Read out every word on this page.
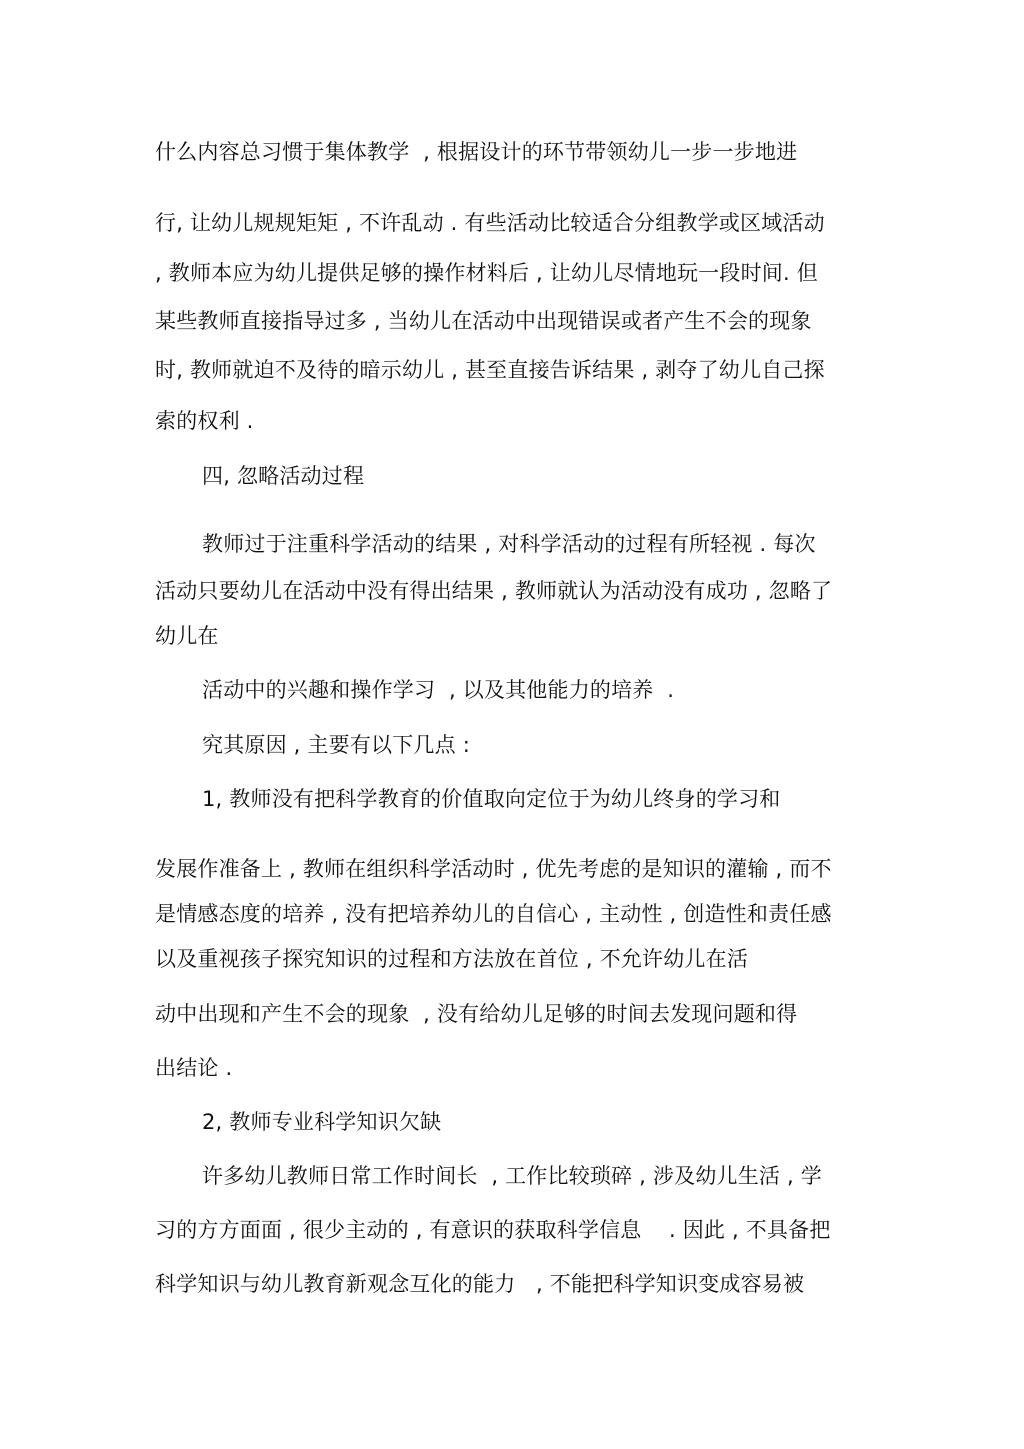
什么内容总习惯于集体教学  , 根据设计的环节带领幼儿一步一步地进
行, 让幼儿规规矩矩 , 不许乱动 . 有些活动比较适合分组教学或区域活动
, 教师本应为幼儿提供足够的操作材料后 , 让幼儿尽情地玩一段时间. 但
某些教师直接指导过多 , 当幼儿在活动中出现错误或者产生不会的现象
时, 教师就迫不及待的暗示幼儿 , 甚至直接告诉结果 , 剥夺了幼儿自己探
索的权利 .
四, 忽略活动过程
教师过于注重科学活动的结果 , 对科学活动的过程有所轻视 . 每次
活动只要幼儿在活动中没有得出结果 , 教师就认为活动没有成功 , 忽略了
幼儿在
活动中的兴趣和操作学习  , 以及其他能力的培养  .
究其原因 , 主要有以下几点 :
1, 教师没有把科学教育的价值取向定位于为幼儿终身的学习和
发展作准备上 , 教师在组织科学活动时 , 优先考虑的是知识的灌输 , 而不
是情感态度的培养 , 没有把培养幼儿的自信心 , 主动性 , 创造性和责任感
以及重视孩子探究知识的过程和方法放在首位 , 不允许幼儿在活
动中出现和产生不会的现象  , 没有给幼儿足够的时间去发现问题和得
出结论 .
2, 教师专业科学知识欠缺
许多幼儿教师日常工作时间长  , 工作比较琐碎 , 涉及幼儿生活 , 学
习的方方面面 , 很少主动的 , 有意识的获取科学信息    . 因此 , 不具备把
科学知识与幼儿教育新观念互化的能力   , 不能把科学知识变成容易被
